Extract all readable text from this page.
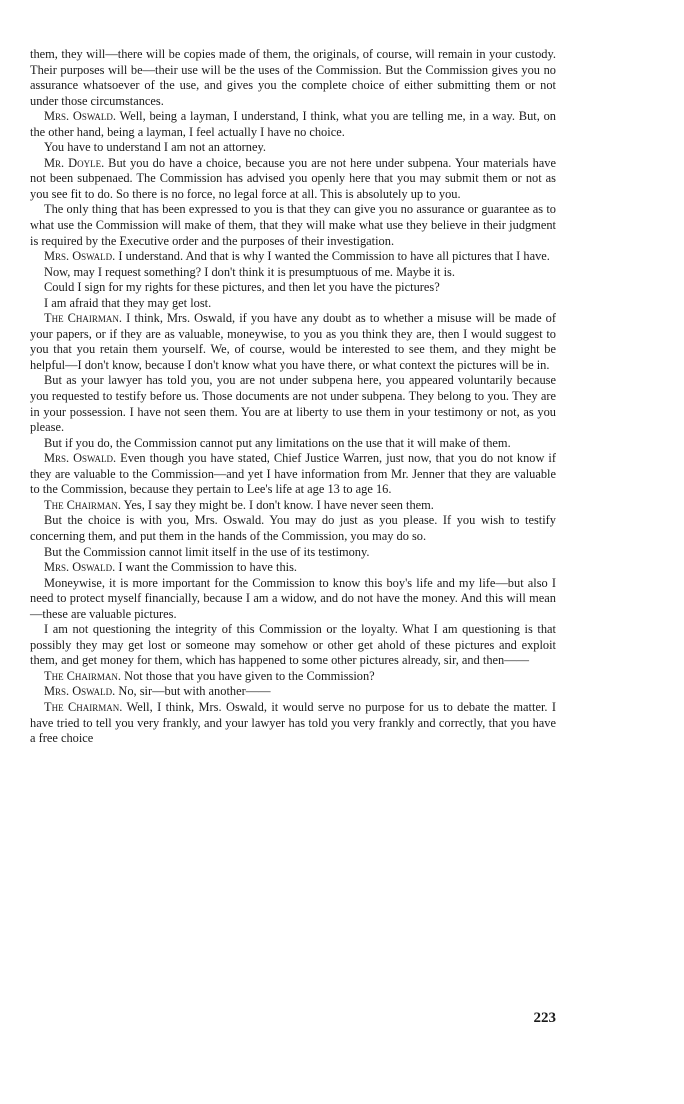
them, they will—there will be copies made of them, the originals, of course, will remain in your custody. Their purposes will be—their use will be the uses of the Commission. But the Commission gives you no assurance whatsoever of the use, and gives you the complete choice of either submitting them or not under those circumstances.

Mrs. Oswald. Well, being a layman, I understand, I think, what you are telling me, in a way. But, on the other hand, being a layman, I feel actually I have no choice.

You have to understand I am not an attorney.

Mr. Doyle. But you do have a choice, because you are not here under subpena. Your materials have not been subpenaed. The Commission has advised you openly here that you may submit them or not as you see fit to do. So there is no force, no legal force at all. This is absolutely up to you.

The only thing that has been expressed to you is that they can give you no assurance or guarantee as to what use the Commission will make of them, that they will make what use they believe in their judgment is required by the Executive order and the purposes of their investigation.

Mrs. Oswald. I understand. And that is why I wanted the Commission to have all pictures that I have.

Now, may I request something? I don't think it is presumptuous of me. Maybe it is.

Could I sign for my rights for these pictures, and then let you have the pictures?

I am afraid that they may get lost.

The Chairman. I think, Mrs. Oswald, if you have any doubt as to whether a misuse will be made of your papers, or if they are as valuable, moneywise, to you as you think they are, then I would suggest to you that you retain them yourself. We, of course, would be interested to see them, and they might be helpful—I don't know, because I don't know what you have there, or what context the pictures will be in.

But as your lawyer has told you, you are not under subpena here, you appeared voluntarily because you requested to testify before us. Those documents are not under subpena. They belong to you. They are in your possession. I have not seen them. You are at liberty to use them in your testimony or not, as you please.

But if you do, the Commission cannot put any limitations on the use that it will make of them.

Mrs. Oswald. Even though you have stated, Chief Justice Warren, just now, that you do not know if they are valuable to the Commission—and yet I have information from Mr. Jenner that they are valuable to the Commission, because they pertain to Lee's life at age 13 to age 16.

The Chairman. Yes, I say they might be. I don't know. I have never seen them.

But the choice is with you, Mrs. Oswald. You may do just as you please. If you wish to testify concerning them, and put them in the hands of the Commission, you may do so.

But the Commission cannot limit itself in the use of its testimony.

Mrs. Oswald. I want the Commission to have this.

Moneywise, it is more important for the Commission to know this boy's life and my life—but also I need to protect myself financially, because I am a widow, and do not have the money. And this will mean—these are valuable pictures.

I am not questioning the integrity of this Commission or the loyalty. What I am questioning is that possibly they may get lost or someone may somehow or other get ahold of these pictures and exploit them, and get money for them, which has happened to some other pictures already, sir, and then——

The Chairman. Not those that you have given to the Commission?

Mrs. Oswald. No, sir—but with another——

The Chairman. Well, I think, Mrs. Oswald, it would serve no purpose for us to debate the matter. I have tried to tell you very frankly, and your lawyer has told you very frankly and correctly, that you have a free choice

223
